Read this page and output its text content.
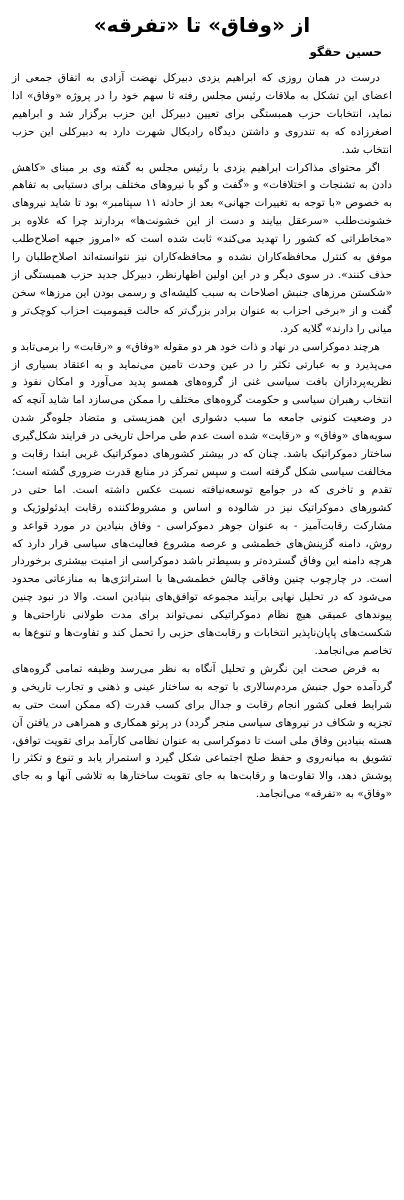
از «وفاق» تا «تفرقه»
حسین حقگو

درست در همان روزی که ابراهیم یزدی دبیرکل نهضت آزادی به اتفاق جمعی از اعضای این تشکل به ملاقات رئیس مجلس رفته تا سهم خود را در پروژه «وفاق» ادا نماید، انتخابات حزب همبستگی برای تعیین دبیرکل این حزب برگزار شد و ابراهیم اصغرزاده که به تندروی و داشتن دیدگاه رادیکال شهرت دارد به دبیرکلی این حزب انتخاب شد.

اگر محتوای مذاکرات ابراهیم یزدی با رئیس مجلس به گفته وی بر مبنای «کاهش دادن به تشنجات و اختلافات» و «گفت و گو با نیروهای مختلف برای دستیابی به تفاهم به خصوص «با توجه به تغییرات جهانی» بعد از حادثه ۱۱ سپتامبر» بود تا شاید نیروهای خشونت‌طلب «سرعقل بیایند و دست از این خشونت‌ها» بردارند چرا که علاوه بر «مخاطراتی که کشور را تهدید می‌کند» ثابت شده است که «امروز جبهه اصلاح‌طلب موفق به کنترل محافظه‌کاران نشده و محافظه‌کاران نیز نتوانسته‌اند اصلاح‌طلبان را حذف کنند». در سوی دیگر و در این اولین اظهارنظر، دبیرکل جدید حزب همبستگی از «شکستن مرزهای جنبش اصلاحات به سبب کلیشه‌ای و رسمی بودن این مرزها» سخن گفت و از «برخی احزاب به عنوان برادر بزرگ‌تر که حالت قیمومیت احزاب کوچک‌تر و میانی را دارند» گلایه کرد.

هرچند دموکراسی در نهاد و ذات خود هر دو مقوله «وفاق» و «رقابت» را برمی‌تابد و می‌پذیرد و به عبارتی تکثر را در عین وحدت تامین می‌نماید و به اعتقاد بسیاری از نظریه‌پردازان بافت سیاسی غنی از گروه‌های همسو پدید می‌آورد و امکان نفوذ و انتخاب رهبران سیاسی و حکومت گروه‌های مختلف را ممکن می‌سازد اما شاید آنچه که در وضعیت کنونی جامعه ما سبب دشواری این همزیستی و متضاد جلوه‌گر شدن سویه‌های «وفاق» و «رقابت» شده است عدم طی مراحل تاریخی در فرایند شکل‌گیری ساختار دموکراتیک باشد. چنان که در بیشتر کشورهای دموکراتیک غربی ابتدا رقابت و مخالفت سیاسی شکل گرفته است و سپس تمرکز در منابع قدرت ضروری گشته است؛ تقدم و تاخری که در جوامع توسعه‌نیافته نسبت عکس داشته است. اما حتی در کشورهای دموکراتیک نیز در شالوده و اساس و مشروط‌کننده رقابت ایدئولوژیک و مشارکت رقابت‌آمیز - به عنوان جوهر دموکراسی - وفاق بنیادین در مورد قواعد و روش، دامنه گزینش‌های خطمشی و عرصه مشروع فعالیت‌های سیاسی قرار دارد که هرچه دامنه این وفاق گسترده‌تر و بسیط‌تر باشد دموکراسی از امنیت بیشتری برخوردار است. در چارچوب چنین وفاقی چالش خطمشی‌ها با استراتژی‌ها به منازعاتی محدود می‌شود که در تحلیل نهایی برآیند مجموعه توافق‌های بنیادین است. والا در نبود چنین پیوندهای عمیقی هیچ نظام دموکراتیکی نمی‌تواند برای مدت طولانی ناراحتی‌ها و شکست‌های پایان‌ناپذیر انتخابات و رقابت‌های حزبی را تحمل کند و تفاوت‌ها و تنوع‌ها به تخاصم می‌انجامد.

به فرض صحت این نگرش و تحلیل آنگاه به نظر می‌رسد وظیفه تمامی گروه‌های گردآمده حول جنبش مردم‌سالاری با توجه به ساختار عینی و ذهنی و تجارب تاریخی و شرایط فعلی کشور انجام رقابت و جدال برای کسب قدرت (که ممکن است حتی به تجزیه و شکاف در نیروهای سیاسی منجر گردد) در پرتو همکاری و همراهی در یافتن آن هسته بنیادین وفاق ملی است تا دموکراسی به عنوان نظامی کارآمد برای تقویت توافق، تشویق به میانه‌روی و حفظ صلح اجتماعی شکل گیرد و استمرار یابد و تنوع و تکثر را پوشش دهد، والا تفاوت‌ها و رقابت‌ها به جای تقویت ساختارها به تلاشی آنها و به جای «وفاق» به «تفرقه» می‌انجامد.
